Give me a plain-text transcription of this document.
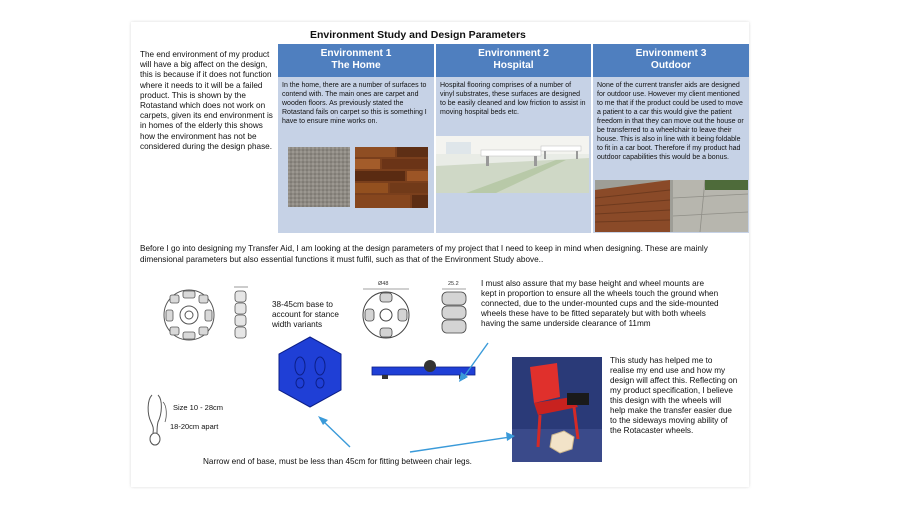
Environment Study and Design Parameters
The end environment of my product will have a big affect on the design, this is because if it does not function where it needs to it will be a failed product. This is shown by the Rotastand which does not work on carpets, given its end environment is in homes of the elderly this shows how the environment has not be considered during the design phase.
Environment 1
The Home
In the home, there are a number of surfaces to contend with. The main ones are carpet and wooden floors. As previously stated the Rotastand fails on carpet so this is something I have to ensure mine works on.
Environment 2
Hospital
Hospital flooring comprises of a number of vinyl substrates, these surfaces are designed to be easily cleaned and low friction to assist in moving hospital beds etc.
Environment 3
Outdoor
None of the current transfer aids are designed for outdoor use. However my client mentioned to me that if the product could be used to move a patient to a car this would give the patient freedom in that they can move out the house or be transferred to a wheelchair to leave their house. This is also in line with it being foldable to fit in a car boot. Therefore if my product had outdoor capabilities this would be a bonus.
Before I go into designing my Transfer Aid, I am looking at the design parameters of my project that I need to keep in mind when designing. These are mainly dimensional parameters but also essential functions it must fulfil, such as that of the Environment Study above..
38-45cm base to account for stance width variants
Ø48	25.2	I must also assure that my base height and wheel mounts are kept in proportion to ensure all the wheels touch the ground when connected, due to the under-mounted cups and the side-mounted wheels these have to be fitted separately but with both wheels having the same underside clearance of 11mm
Size 10 - 28cm
18-20cm apart
This study has helped me to realise my end use and how my design will affect this. Reflecting on my product specification, I believe this design with the wheels will help make the transfer easier due to the sideways moving ability of the Rotacaster wheels.
Narrow end of base, must be less than 45cm for fitting between chair legs.
